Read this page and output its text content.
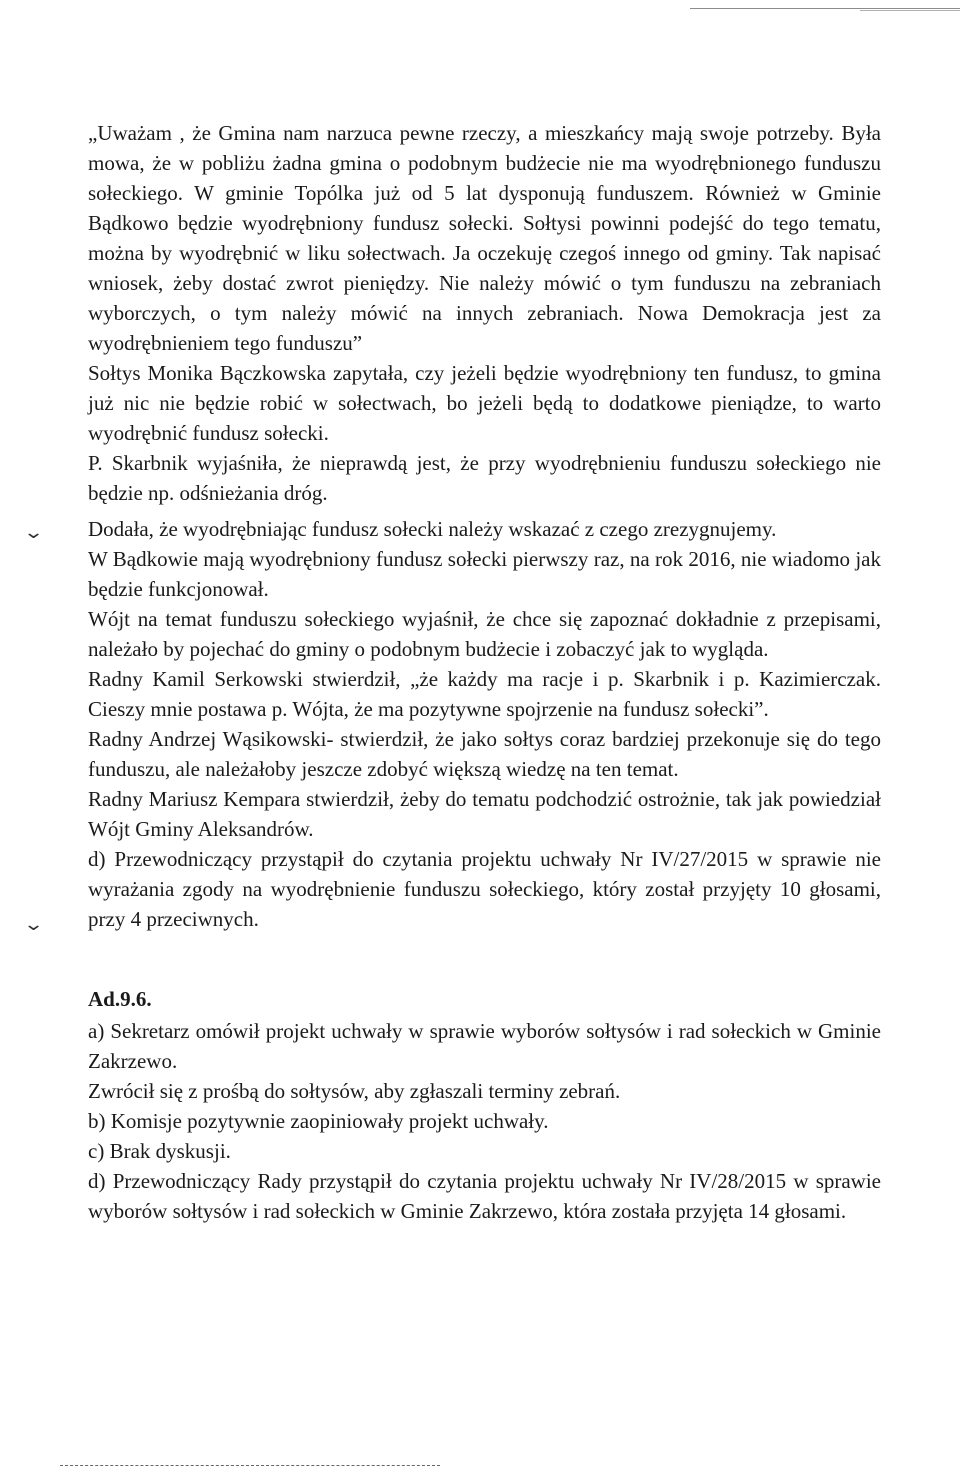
⌄
⌄

„Uważam , że Gmina nam narzuca pewne rzeczy, a mieszkańcy mają swoje potrzeby. Była mowa, że w pobliżu żadna gmina o podobnym budżecie nie ma wyodrębnionego funduszu sołeckiego. W gminie Topólka już od 5 lat dysponują funduszem. Również w Gminie Bądkowo będzie wyodrębniony fundusz sołecki. Sołtysi powinni podejść do tego tematu, można by wyodrębnić w liku sołectwach. Ja oczekuję czegoś innego od gminy. Tak napisać wniosek, żeby dostać zwrot pieniędzy. Nie należy mówić o tym funduszu na zebraniach wyborczych, o tym należy mówić na innych zebraniach. Nowa Demokracja jest za wyodrębnieniem tego funduszu”

Sołtys Monika Bączkowska zapytała, czy jeżeli będzie wyodrębniony ten fundusz, to gmina już nic nie będzie robić w sołectwach, bo jeżeli będą to dodatkowe pieniądze, to warto wyodrębnić fundusz sołecki.

P. Skarbnik wyjaśniła, że nieprawdą jest, że przy wyodrębnieniu funduszu sołeckiego nie będzie np. odśnieżania dróg.

Dodała, że wyodrębniając fundusz sołecki należy wskazać z czego zrezygnujemy.

W Bądkowie mają wyodrębniony fundusz sołecki pierwszy raz, na rok 2016, nie wiadomo jak będzie funkcjonował.

Wójt na temat funduszu sołeckiego wyjaśnił, że chce się zapoznać dokładnie z przepisami, należało by pojechać do gminy o podobnym budżecie i zobaczyć jak to wygląda.

Radny Kamil Serkowski stwierdził, „że każdy ma racje i p. Skarbnik i p. Kazimierczak. Cieszy mnie postawa p. Wójta, że ma pozytywne spojrzenie na fundusz sołecki”.

Radny Andrzej Wąsikowski- stwierdził, że jako sołtys coraz bardziej przekonuje się do tego funduszu, ale należałoby jeszcze zdobyć większą wiedzę na ten temat.

Radny Mariusz Kempara stwierdził, żeby do tematu podchodzić ostrożnie, tak jak powiedział Wójt Gminy Aleksandrów.

d) Przewodniczący przystąpił do czytania projektu uchwały Nr IV/27/2015 w sprawie nie wyrażania zgody na wyodrębnienie funduszu sołeckiego, który został przyjęty 10 głosami, przy 4 przeciwnych.

Ad.9.6.

a) Sekretarz omówił projekt uchwały w sprawie wyborów sołtysów i rad sołeckich w Gminie Zakrzewo.

Zwrócił się z prośbą do sołtysów, aby zgłaszali terminy zebrań.

b) Komisje pozytywnie zaopiniowały projekt uchwały.

c) Brak dyskusji.

d) Przewodniczący Rady przystąpił do czytania projektu uchwały Nr IV/28/2015 w sprawie wyborów sołtysów i rad sołeckich w Gminie Zakrzewo, która została przyjęta 14 głosami.
